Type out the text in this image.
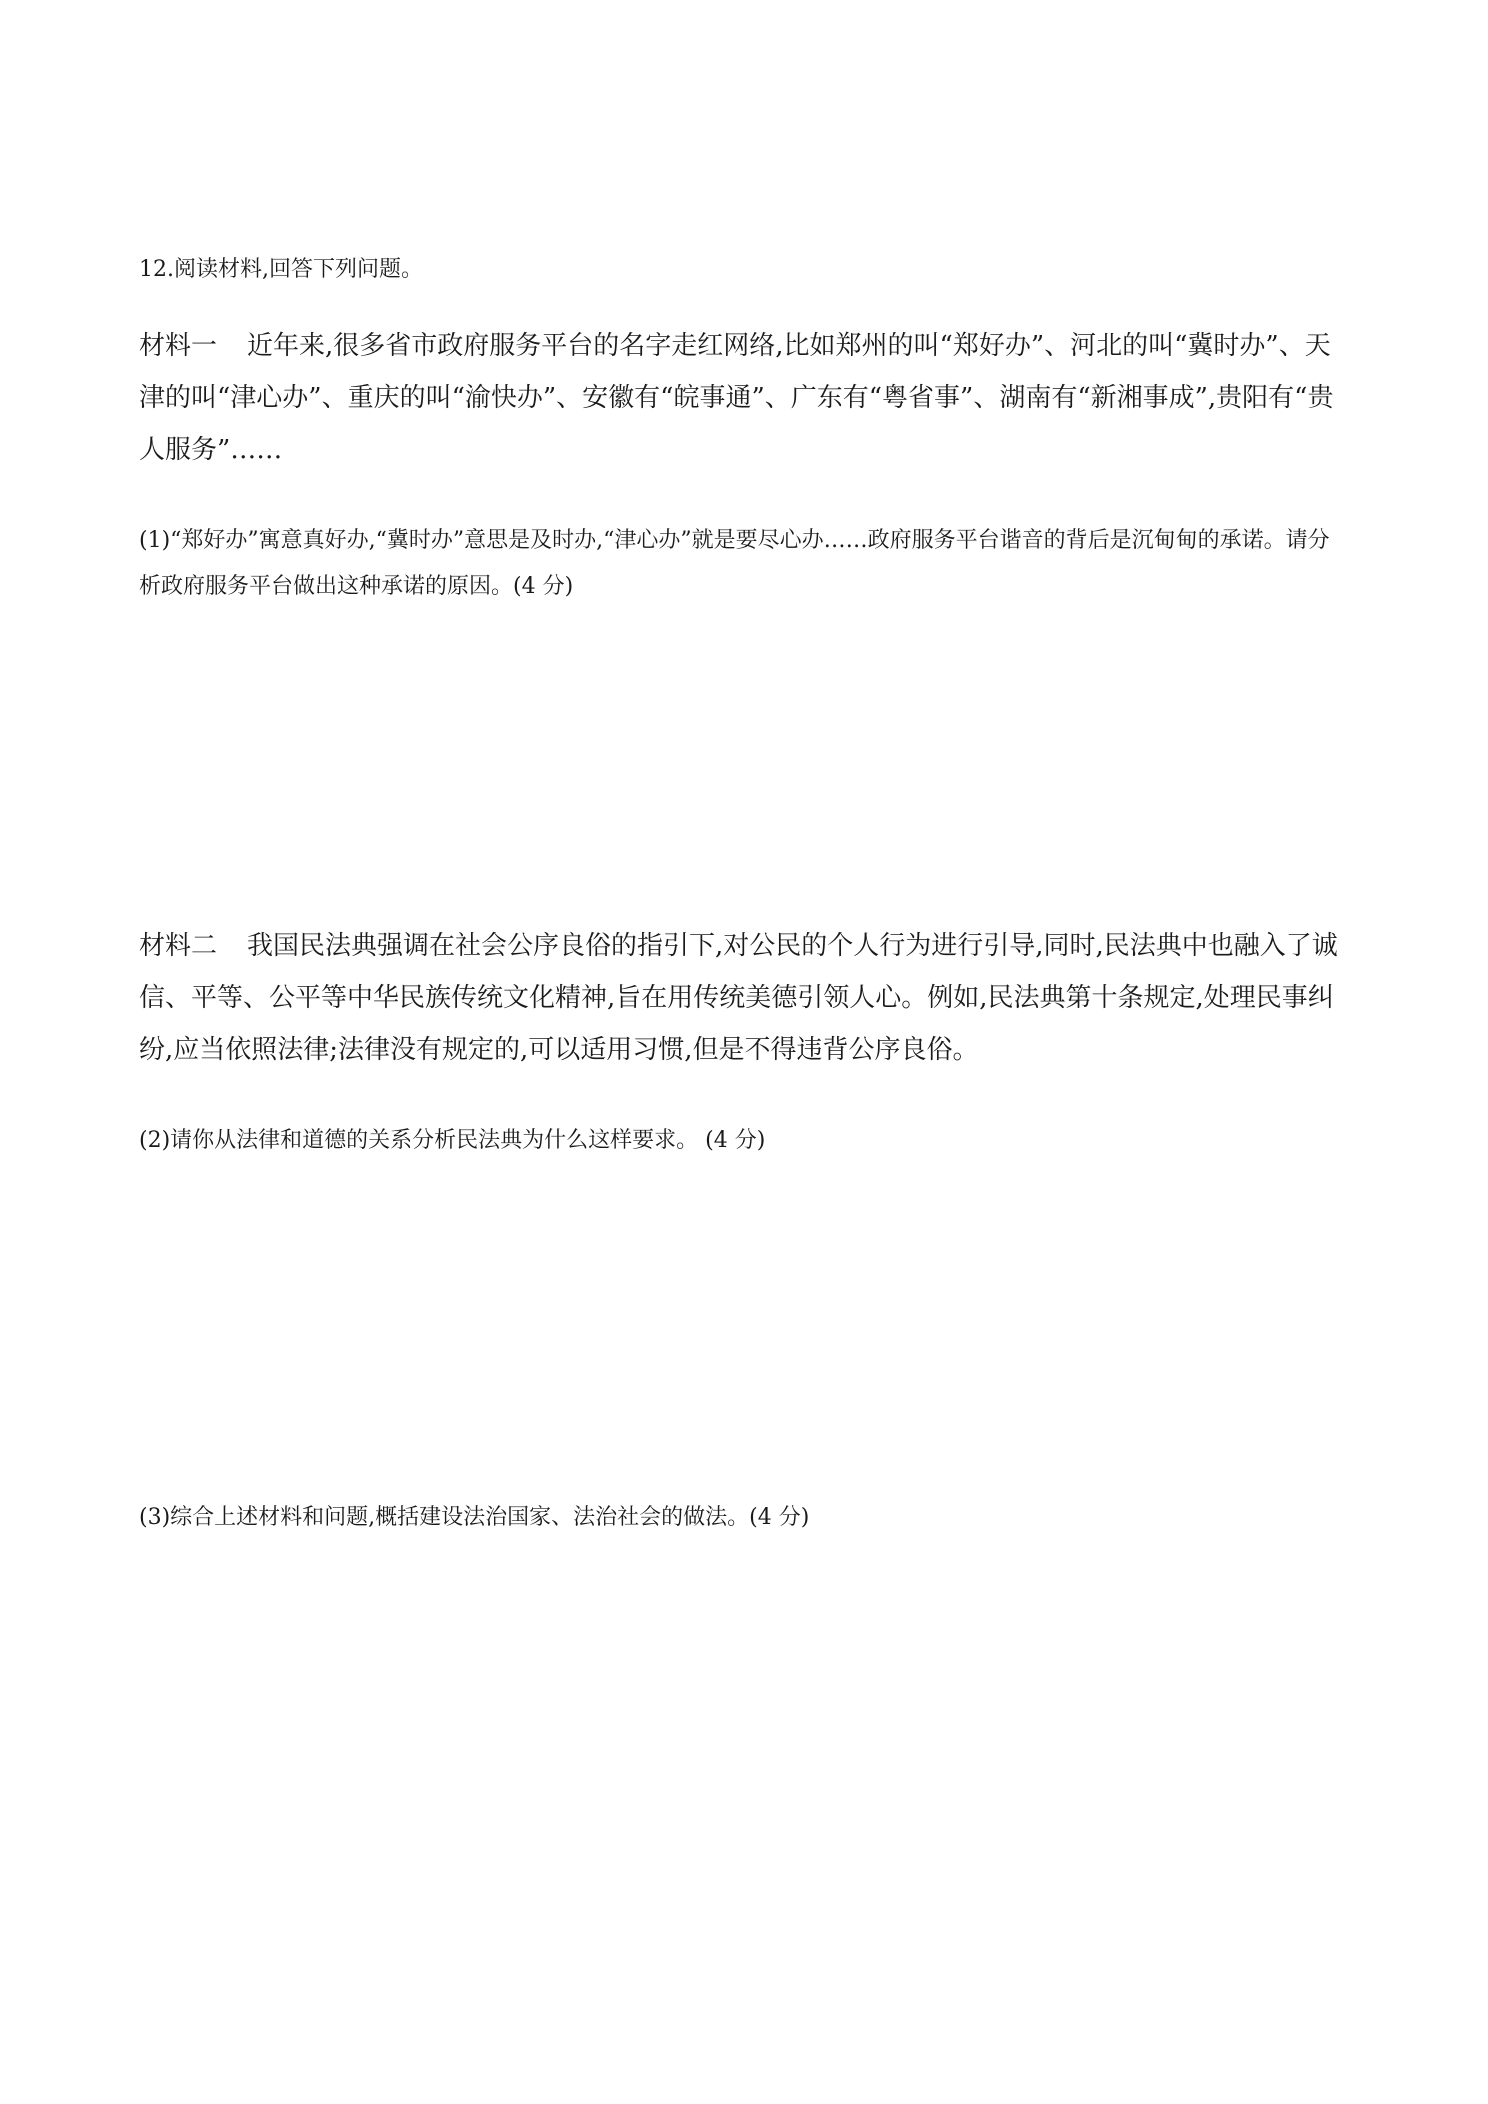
12.阅读材料,回答下列问题。

材料一 近年来,很多省市政府服务平台的名字走红网络,比如郑州的叫“郑好办”、河北的叫“冀时办”、天津的叫“津心办”、重庆的叫“渝快办”、安徽有“皖事通”、广东有“粤省事”、湖南有“新湘事成”,贵阳有“贵人服务”……

(1)“郑好办”寓意真好办,“冀时办”意思是及时办,“津心办”就是要尽心办……政府服务平台谐音的背后是沉甸甸的承诺。请分析政府服务平台做出这种承诺的原因。(4 分)

材料二 我国民法典强调在社会公序良俗的指引下,对公民的个人行为进行引导,同时,民法典中也融入了诚信、平等、公平等中华民族传统文化精神,旨在用传统美德引领人心。例如,民法典第十条规定,处理民事纠纷,应当依照法律;法律没有规定的,可以适用习惯,但是不得违背公序良俗。

(2)请你从法律和道德的关系分析民法典为什么这样要求。 (4 分)

(3)综合上述材料和问题,概括建设法治国家、法治社会的做法。(4 分)
